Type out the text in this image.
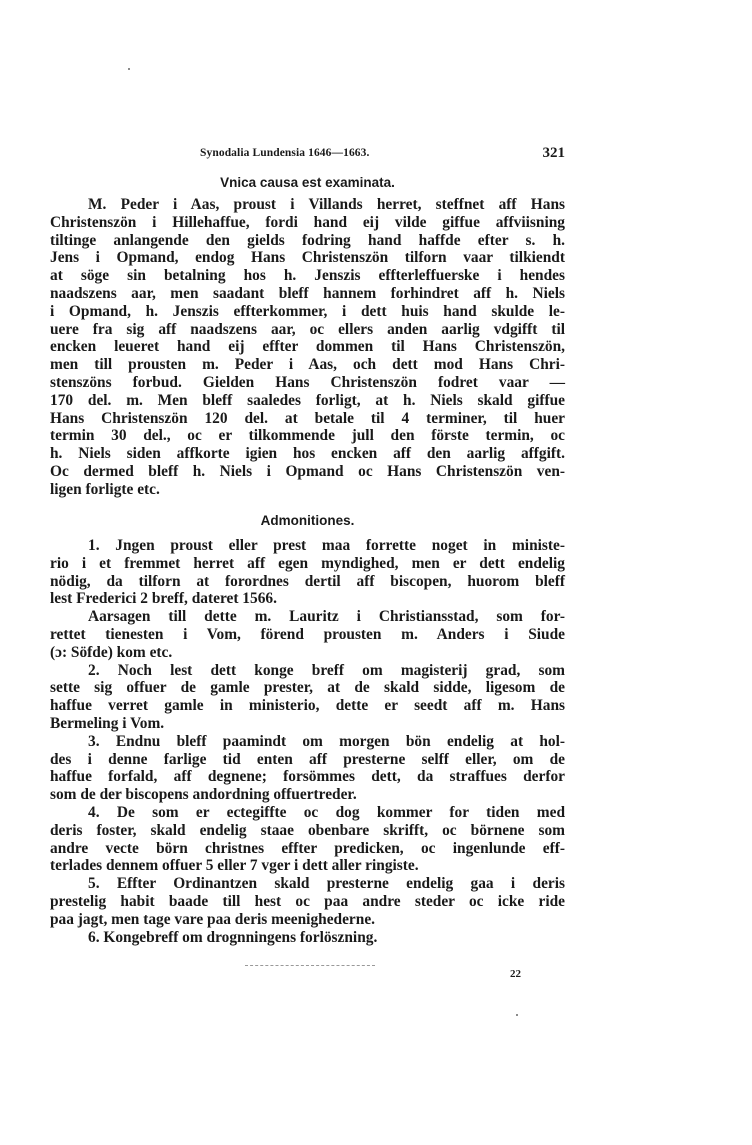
Synodalia Lundensia 1646—1663.	321
Vnica causa est examinata.
M. Peder i Aas, proust i Villands herret, steffnet aff Hans
Christenszön i Hillehaffue, fordi hand eij vilde giffue affviisning
tiltinge anlangende den gields fodring hand haffde efter s. h.
Jens i Opmand, endog Hans Christenszön tilforn vaar tilkiendt
at söge sin betalning hos h. Jenszis effterleffuerske i hendes
naadszens aar, men saadant bleff hannem forhindret aff h. Niels
i Opmand, h. Jenszis effterkommer, i dett huis hand skulde le-
uere fra sig aff naadszens aar, oc ellers anden aarlig vdgifft til
encken leueret hand eij effter dommen til Hans Christenszön,
men till prousten m. Peder i Aas, och dett mod Hans Chri-
stenszöns forbud. Gielden Hans Christenszön fodret vaar —
170 del. m. Men bleff saaledes forligt, at h. Niels skald giffue
Hans Christenszön 120 del. at betale til 4 terminer, til huer
termin 30 del., oc er tilkommende jull den förste termin, oc
h. Niels siden affkorte igien hos encken aff den aarlig affgift.
Oc dermed bleff h. Niels i Opmand oc Hans Christenszön ven-
ligen forligte etc.
Admonitiones.
1. Jngen proust eller prest maa forrette noget in ministe-
rio i et fremmet herret aff egen myndighed, men er dett endelig
nödig, da tilforn at forordnes dertil aff biscopen, huorom bleff
lest Frederici 2 breff, dateret 1566.
Aarsagen till dette m. Lauritz i Christiansstad, som for-
rettet tienesten i Vom, förend prousten m. Anders i Siude
(ɔ: Söfde) kom etc.
2. Noch lest dett konge breff om magisterij grad, som
sette sig offuer de gamle prester, at de skald sidde, ligesom de
haffue verret gamle in ministerio, dette er seedt aff m. Hans
Bermeling i Vom.
3. Endnu bleff paamindt om morgen bön endelig at hol-
des i denne farlige tid enten aff presterne selff eller, om de
haffue forfald, aff degnene; forsömmes dett, da straffues derfor
som de der biscopens andordning offuertreder.
4. De som er ectegiffte oc dog kommer for tiden med
deris foster, skald endelig staae obenbare skrifft, oc börnene som
andre vecte börn christnes effter predicken, oc ingenlunde eff-
terlades dennem offuer 5 eller 7 vger i dett aller ringiste.
5. Effter Ordinantzen skald presterne endelig gaa i deris
prestelig habit baade till hest oc paa andre steder oc icke ride
paa jagt, men tage vare paa deris meenighederne.
6. Kongebreff om drognningens forlöszning.
22
